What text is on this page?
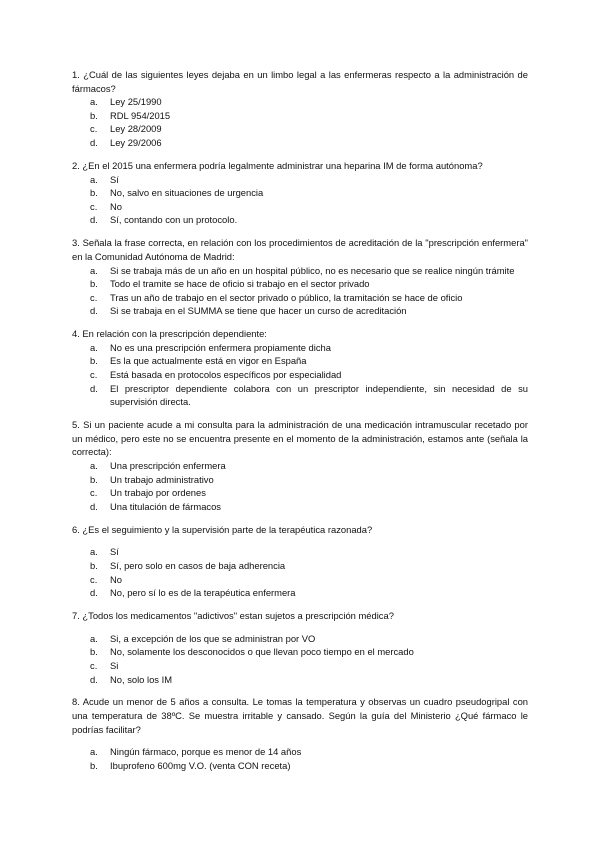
1. ¿Cuál de las siguientes leyes dejaba en un limbo legal a las enfermeras respecto a la administración de fármacos?

a.	Ley 25/1990
b.	RDL 954/2015
c.	Ley 28/2009
d.	Ley 29/2006

2. ¿En el 2015 una enfermera podría legalmente administrar una heparina IM de forma autónoma?

a.	Sí
b.	No, salvo en situaciones de urgencia
c.	No
d.	Sí, contando con un protocolo.

3. Señala la frase correcta, en relación con los procedimientos de acreditación de la "prescripción enfermera" en la Comunidad Autónoma de Madrid:

a.	Si se trabaja más de un año en un hospital público, no es necesario que se realice ningún trámite
b.	Todo el tramite se hace de oficio si trabajo en el sector privado
c.	Tras un año de trabajo en el sector privado o público, la tramitación se hace de oficio
d.	Si se trabaja en el SUMMA se tiene que hacer un curso de acreditación

4. En relación con la prescripción dependiente:

a.	No es una prescripción enfermera propiamente dicha
b.	Es la que actualmente está en vigor en España
c.	Está basada en protocolos específicos por especialidad
d.	El prescriptor dependiente colabora con un prescriptor independiente, sin necesidad de su supervisión directa.

5. Si un paciente acude a mi consulta para la administración de una medicación intramuscular recetado por un médico, pero este no se encuentra presente en el momento de la administración, estamos ante (señala la correcta):

a.	Una prescripción enfermera
b.	Un trabajo administrativo
c.	Un trabajo por ordenes
d.	Una titulación de fármacos

6. ¿Es el seguimiento y la supervisión parte de la terapéutica razonada?

a.	Sí
b.	Sí, pero solo en casos de baja adherencia
c.	No
d.	No, pero sí lo es de la terapéutica enfermera

7. ¿Todos los medicamentos "adictivos" estan sujetos a prescripción médica?

a.	Si, a excepción de los que se administran por VO
b.	No, solamente los desconocidos o que llevan poco tiempo en el mercado
c.	Si
d.	No, solo los IM

8. Acude un menor de 5 años a consulta. Le tomas la temperatura y observas un cuadro pseudogripal con una temperatura de 38ºC. Se muestra irritable y cansado. Según la guía del Ministerio ¿Qué fármaco le podrías facilitar?

a.	Ningún fármaco, porque es menor de 14 años
b.	Ibuprofeno 600mg V.O. (venta CON receta)
